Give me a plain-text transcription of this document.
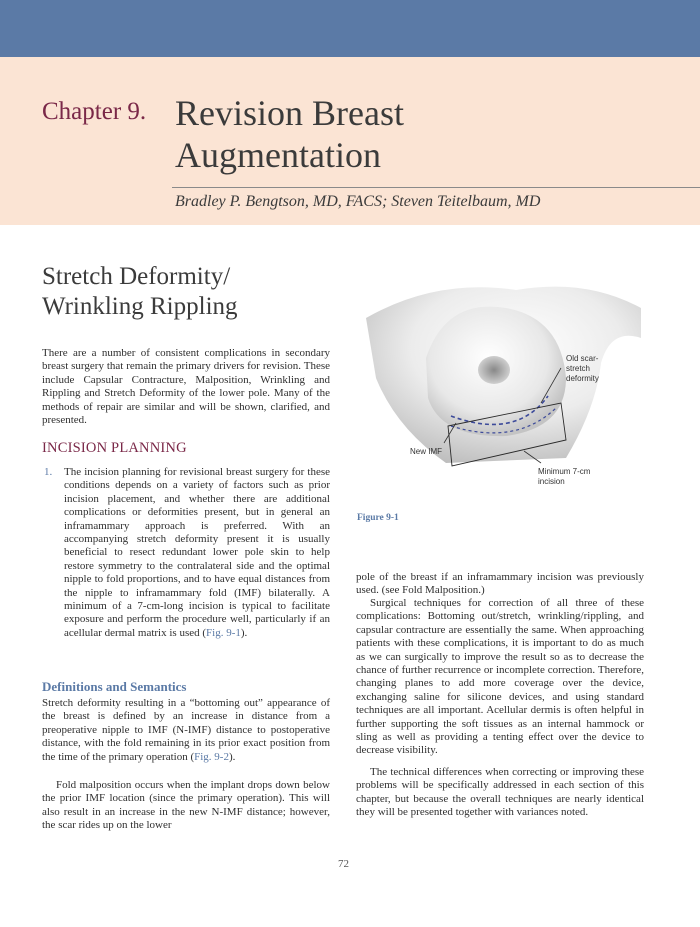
Chapter 9. Revision Breast
Augmentation
Bradley P. Bengtson, MD, FACS; Steven Teitelbaum, MD
Stretch Deformity/
Wrinkling Rippling

There are a number of consistent complications in secondary breast surgery that remain the primary drivers for revision. These include Capsular Contracture, Malposition, Wrinkling and Rippling and Stretch Deformity of the lower pole. Many of the methods of repair are similar and will be shown, clarified, and presented.

INCISION PLANNING
1. The incision planning for revisional breast surgery for these conditions depends on a variety of factors such as prior incision placement, and whether there are additional complications or deformities present, but in general an inframammary approach is preferred. With an accompanying stretch deformity present it is usually beneficial to resect redundant lower pole skin to help restore symmetry to the contralateral side and the optimal nipple to fold proportions, and to have equal distances from the nipple to inframammary fold (IMF) bilaterally. A minimum of a 7-cm-long incision is typical to facilitate exposure and perform the procedure well, particularly if an acellular dermal matrix is used (Fig. 9-1).

Definitions and Semantics

Stretch deformity resulting in a “bottoming out” appearance of the breast is defined by an increase in distance from a preoperative nipple to IMF (N-IMF) distance to postoperative distance, with the fold remaining in its prior exact position from the time of the primary operation (Fig. 9-2).

Fold malposition occurs when the implant drops down below the prior IMF location (since the primary operation). This will also result in an increase in the new N-IMF distance; however, the scar rides up on the lower

Old scar-
stretch
deformity
New IMF
Minimum 7-cm
incision
Figure 9-1

pole of the breast if an inframammary incision was previously used. (see Fold Malposition.)

Surgical techniques for correction of all three of these complications: Bottoming out/stretch, wrinkling/rippling, and capsular contracture are essentially the same. When approaching patients with these complications, it is important to do as much as we can surgically to improve the result so as to decrease the chance of further recurrence or incomplete correction. Therefore, changing planes to add more coverage over the device, exchanging saline for silicone devices, and using standard techniques are all important. Acellular dermis is often helpful in further supporting the soft tissues as an internal hammock or sling as well as providing a tenting effect over the device to decrease visibility.

The technical differences when correcting or improving these problems will be specifically addressed in each section of this chapter, but because the overall techniques are nearly identical they will be presented together with variances noted.

72
